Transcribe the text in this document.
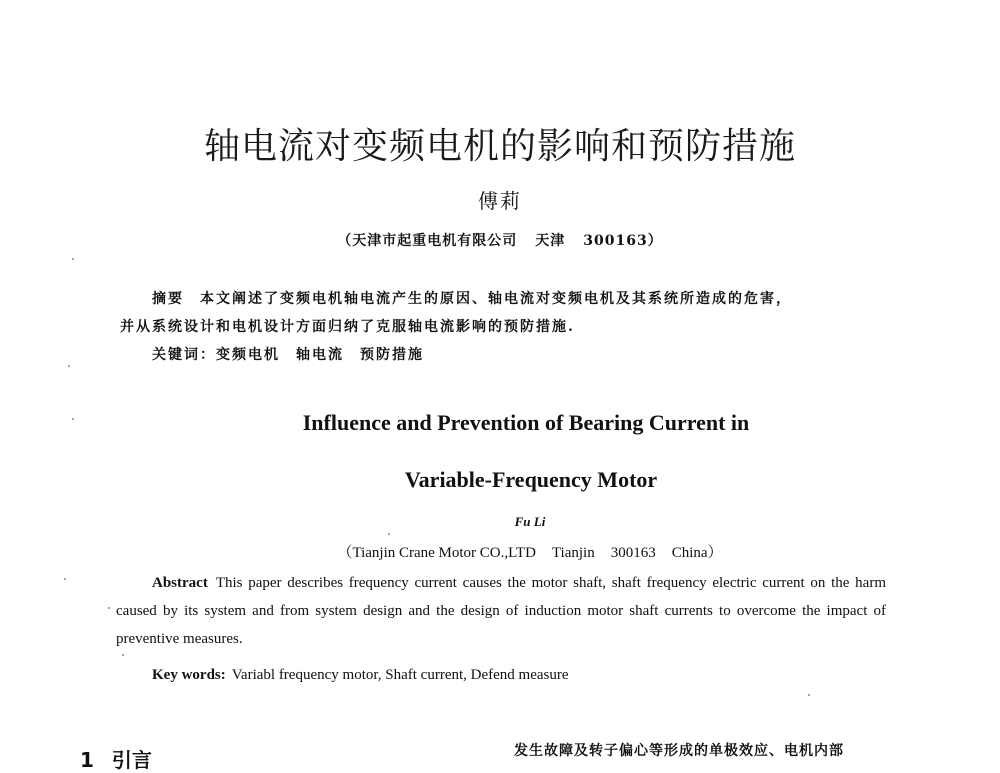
轴电流对变频电机的影响和预防措施
傅莉
（天津市起重电机有限公司 天津 300163）
摘要 本文阐述了变频电机轴电流产生的原因、轴电流对变频电机及其系统所造成的危害，
并从系统设计和电机设计方面归纳了克服轴电流影响的预防措施.
关键词：变频电机 轴电流 预防措施
Influence and Prevention of Bearing Current in
Variable-Frequency Motor
Fu Li
（Tianjin Crane Motor CO.,LTD Tianjin 300163 China）
Abstract This paper describes frequency current causes the motor shaft, shaft frequency electric current on the harm caused by its system and from system design and the design of induction motor shaft currents to overcome the impact of preventive measures.
Key words: Variabl frequency motor, Shaft current, Defend measure
1 引言	发生故障及转子偏心等形成的单极效应、电机内部
